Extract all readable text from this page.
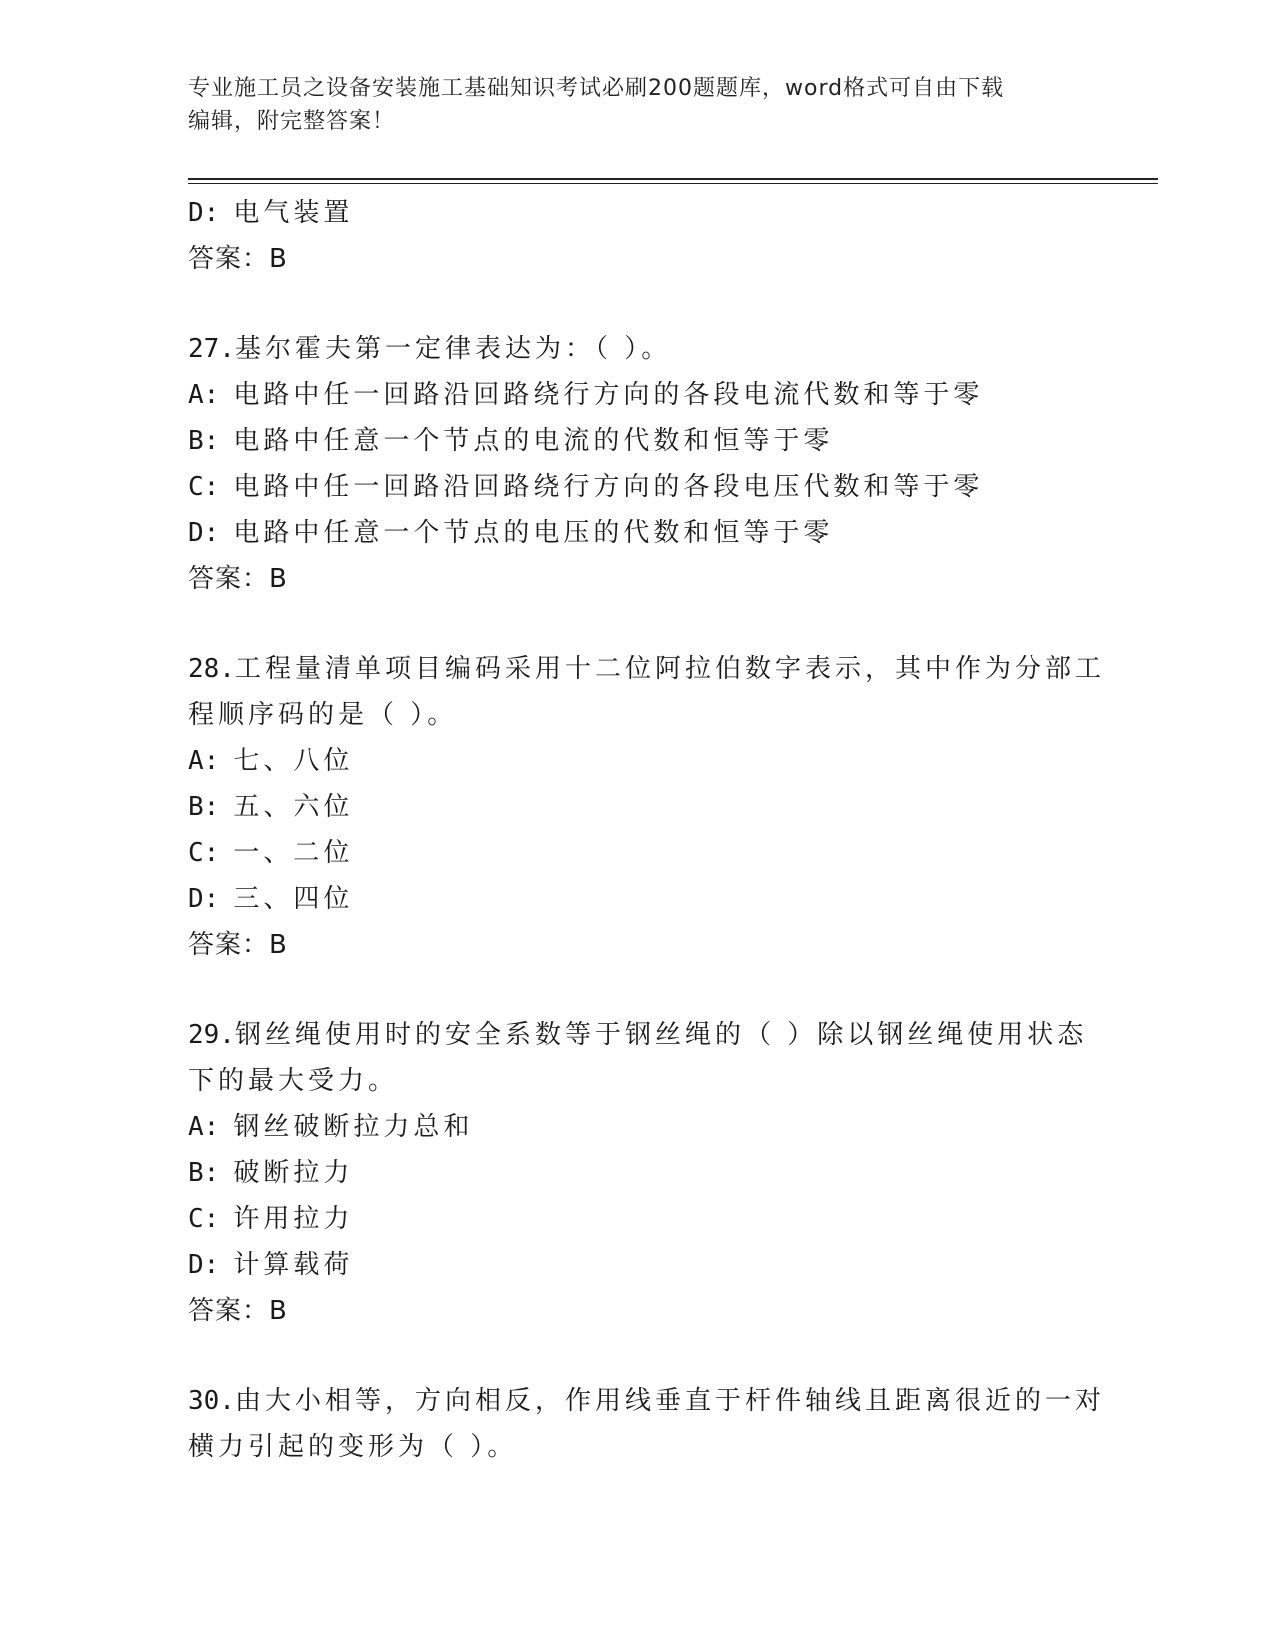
专业施工员之设备安装施工基础知识考试必刷200题题库，word格式可自由下载
编辑，附完整答案！
D: 电气装置
答案：B
27.基尔霍夫第一定律表达为：（ ）。
A: 电路中任一回路沿回路绕行方向的各段电流代数和等于零
B: 电路中任意一个节点的电流的代数和恒等于零
C: 电路中任一回路沿回路绕行方向的各段电压代数和等于零
D: 电路中任意一个节点的电压的代数和恒等于零
答案：B
28.工程量清单项目编码采用十二位阿拉伯数字表示，其中作为分部工
程顺序码的是（ ）。
A: 七、八位
B: 五、六位
C: 一、二位
D: 三、四位
答案：B
29.钢丝绳使用时的安全系数等于钢丝绳的（ ）除以钢丝绳使用状态
下的最大受力。
A: 钢丝破断拉力总和
B: 破断拉力
C: 许用拉力
D: 计算载荷
答案：B
30.由大小相等，方向相反，作用线垂直于杆件轴线且距离很近的一对
横力引起的变形为（ ）。
